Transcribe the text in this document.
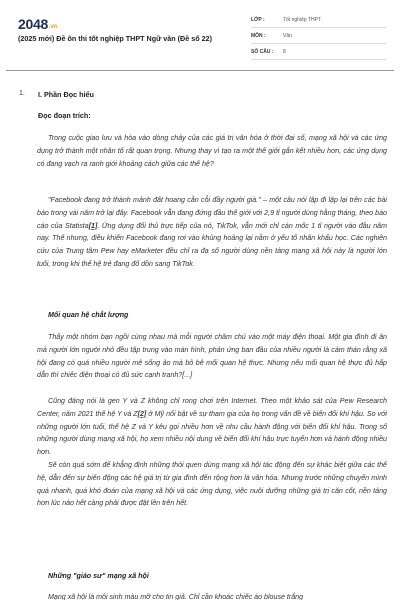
2048.vn
(2025 mới) Đề ôn thi tốt nghiệp THPT Ngữ văn (Đề số 22)
LỚP :	Tốt nghiệp THPT
MÔN :	Văn
SỐ CÂU :	8
1. I. Phần Đọc hiểu
Đọc đoạn trích:

Trong cuộc giao lưu và hòa vào dòng chảy của các giá trị văn hóa ở thời đại số, mạng xã hội và các ứng dụng trở thành một nhân tố rất quan trọng. Nhưng thay vì tạo ra một thế giới gắn kết nhiều hơn, các ứng dụng có đang vạch ra ranh giới khoảng cách giữa các thế hệ?

"Facebook đang trở thành mảnh đất hoang cằn cỗi đầy người già." – một câu nói lặp đi lặp lại trên các bài báo trong vài năm trở lại đây. Facebook vẫn đang đứng đầu thế giới với 2,9 tỉ người dùng hằng tháng, theo báo cáo của Statista[1]. Ứng dụng đối thủ trực tiếp của nó, TikTok, vẫn mới chỉ cán mốc 1 tỉ người vào đầu năm nay. Thế nhưng, điều khiến Facebook đang rơi vào khủng hoảng lại nằm ở yếu tố nhân khẩu học. Các nghiên cứu của Trung tâm Pew hay eMarketer đều chỉ ra đa số người dùng nền tảng mạng xã hội này là người lớn tuổi, trong khi thế hệ trẻ đang đổ dồn sang TikTok.

Mối quan hệ chắt lượng

Thấy một nhóm bạn ngồi cùng nhau mà mỗi người chăm chú vào một máy điện thoại. Một gia đình đi ăn mà người lớn người nhỏ đều tập trung vào màn hình, phản ứng ban đầu của nhiều người là cảm thán rằng xã hội đang có quá nhiều người mê sống ảo mà bỏ bê mối quan hệ thực. Nhưng nếu mối quan hệ thực đủ hấp dẫn thì chiếc điện thoại có đủ sức cạnh tranh?[...]

Cũng đáng nói là gen Y và Z không chỉ rong chơi trên Internet. Theo một khảo sát của Pew Research Center, năm 2021 thế hệ Y và Z[2] ở Mỹ nổi bật về sự tham gia của họ trong vấn đề về biến đổi khí hậu. So với những người lớn tuổi, thế hệ Z và Y kêu gọi nhiều hơn về nhu cầu hành động với biến đổi khí hậu. Trong số những người dùng mạng xã hội, họ xem nhiều nội dung về biến đổi khí hậu trực tuyến hơn và hành động nhiều hơn.

Sẽ còn quá sớm để khẳng định những thói quen dùng mạng xã hội tác động đến sự khác biệt giữa các thế hệ, dẫn đến sự biến động các hệ giá trị từ gia đình đến rộng hơn là văn hóa. Nhưng trước những chuyển mình quá nhanh, quá khó đoán của mạng xã hội và các ứng dụng, việc nuôi dưỡng những giá trị căn cốt, nền tảng hơn lúc nào hết càng phải được đặt lên trên hết.

Những "giáo sư" mạng xã hội

Mạng xã hội là môi sinh màu mỡ cho tin giả. Chỉ cần khoác chiếc áo blouse trắng
